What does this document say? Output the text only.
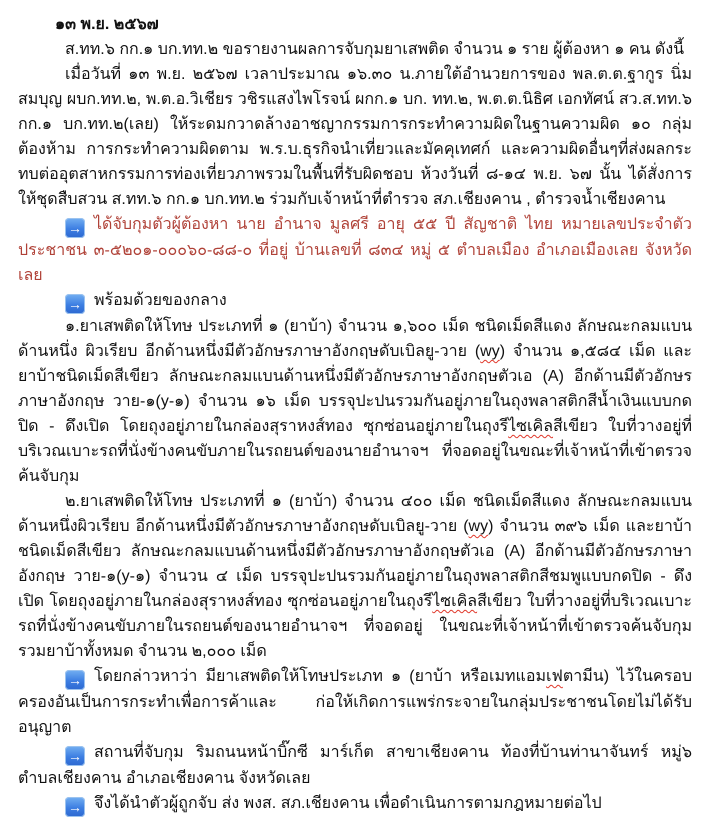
๑๓ พ.ย. ๒๕๖๗

ส.ทท.๖ กก.๑ บก.ทท.๒ ขอรายงานผลการจับกุมยาเสพติด จำนวน ๑ ราย ผู้ต้องหา ๑ คน ดังนี้

เมื่อวันที่ ๑๓ พ.ย. ๒๕๖๗ เวลาประมาณ ๑๖.๓๐ น.ภายใต้อำนวยการของ พล.ต.ต.ฐากูร นิ่มสมบุญ ผบก.ทท.๒, พ.ต.อ.วิเชียร วชิรแสงไพโรจน์ ผกก.๑ บก. ทท.๒, พ.ต.ต.นิธิศ เอกทัศน์ สว.ส.ทท.๖ กก.๑ บก.ทท.๒(เลย) ให้ระดมกวาดล้างอาชญากรรมการกระทำความผิดในฐานความผิด ๑๐ กลุ่มต้องห้าม การกระทำความผิดตาม พ.ร.บ.ธุรกิจนำเที่ยวและมัคคุเทศก์ และความผิดอื่นๆที่ส่งผลกระทบต่ออุตสาหกรรมการท่องเที่ยวภาพรวมในพื้นที่รับผิดชอบ ห้วงวันที่ ๘-๑๔ พ.ย. ๖๗ นั้น ได้สั่งการให้ชุดสืบสวน ส.ทท.๖ กก.๑ บก.ทท.๒ ร่วมกับเจ้าหน้าที่ตำรวจ สภ.เชียงคาน , ตำรวจน้ำเชียงคาน

→ ได้จับกุมตัวผู้ต้องหา นาย อำนาจ มูลศรี อายุ ๕๕ ปี สัญชาติ ไทย หมายเลขประจำตัวประชาชน ๓-๕๒๐๑-๐๐๐๖๐-๘๘-๐ ที่อยู่ บ้านเลขที่ ๘๓๔ หมู่ ๕ ตำบลเมือง อำเภอเมืองเลย จังหวัดเลย

→ พร้อมด้วยของกลาง

๑.ยาเสพติดให้โทษ ประเภทที่ ๑ (ยาบ้า) จำนวน ๑,๖๐๐ เม็ด ชนิดเม็ดสีแดง ลักษณะกลมแบนด้านหนึ่ง ผิวเรียบ อีกด้านหนึ่งมีตัวอักษรภาษาอังกฤษดับเบิลยู-วาย (wy) จำนวน ๑,๕๘๔ เม็ด และยาบ้าชนิดเม็ดสีเขียว ลักษณะกลมแบนด้านหนึ่งมีตัวอักษรภาษาอังกฤษตัวเอ (A) อีกด้านมีตัวอักษรภาษาอังกฤษ วาย-๑(y-๑) จำนวน ๑๖ เม็ด บรรจุปะปนรวมกันอยู่ภายในถุงพลาสติกสีน้ำเงินแบบกดปิด - ดึงเปิด โดยถุงอยู่ภายในกล่องสุราหงส์ทอง ซุกซ่อนอยู่ภายในถุงรีไซเคิลสีเขียว ใบที่วางอยู่ที่บริเวณเบาะรถที่นั่งข้างคนขับภายในรถยนต์ของนายอำนาจฯ ที่จอดอยู่ในขณะที่เจ้าหน้าที่เข้าตรวจค้นจับกุม

๒.ยาเสพติดให้โทษ ประเภทที่ ๑ (ยาบ้า) จำนวน ๔๐๐ เม็ด ชนิดเม็ดสีแดง ลักษณะกลมแบนด้านหนึ่งผิวเรียบ อีกด้านหนึ่งมีตัวอักษรภาษาอังกฤษดับเบิลยู-วาย (wy) จำนวน ๓๙๖ เม็ด และยาบ้าชนิดเม็ดสีเขียว ลักษณะกลมแบนด้านหนึ่งมีตัวอักษรภาษาอังกฤษตัวเอ (A) อีกด้านมีตัวอักษรภาษาอังกฤษ วาย-๑(y-๑) จำนวน ๔ เม็ด บรรจุปะปนรวมกันอยู่ภายในถุงพลาสติกสีชมพูแบบกดปิด - ดึงเปิด โดยถุงอยู่ภายในกล่องสุราหงส์ทอง ซุกซ่อนอยู่ภายในถุงรีไซเคิลสีเขียว ใบที่วางอยู่ที่บริเวณเบาะรถที่นั่งข้างคนขับภายในรถยนต์ของนายอำนาจฯ ที่จอดอยู่ ในขณะที่เจ้าหน้าที่เข้าตรวจค้นจับกุม รวมยาบ้าทั้งหมด จำนวน ๒,๐๐๐ เม็ด

→ โดยกล่าวหาว่า มียาเสพติดให้โทษประเภท ๑ (ยาบ้า หรือเมทแอมเฟตามีน) ไว้ในครอบครองอันเป็นการกระทำเพื่อการค้าและ ก่อให้เกิดการแพร่กระจายในกลุ่มประชาชนโดยไม่ได้รับอนุญาต

→ สถานที่จับกุม ริมถนนหน้าบิ๊กซี มาร์เก็ต สาขาเชียงคาน ท้องที่บ้านท่านาจันทร์ หมู่๖ ตำบลเชียงคาน อำเภอเชียงคาน จังหวัดเลย

→ จึงได้นำตัวผู้ถูกจับ ส่ง พงส. สภ.เชียงคาน เพื่อดำเนินการตามกฎหมายต่อไป
